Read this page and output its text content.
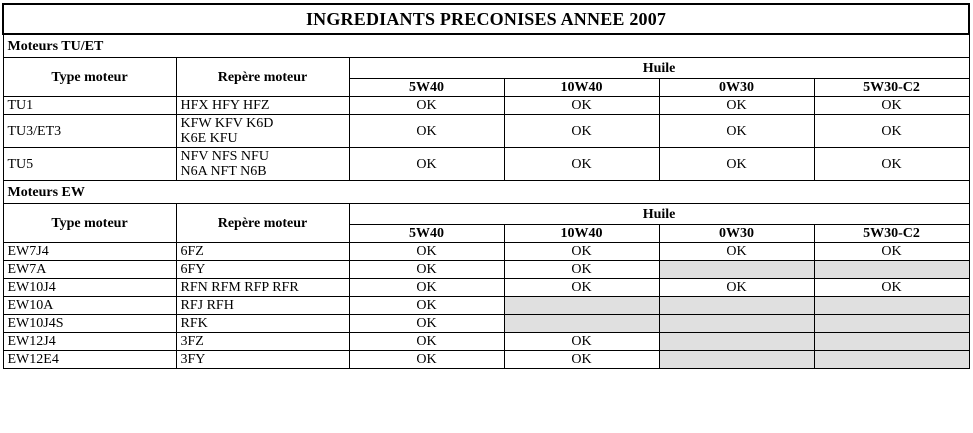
INGREDIANTS PRECONISES ANNEE 2007					
Moteurs TU/ET					
Type moteur	Repère moteur	Huile			
		5W40	10W40	0W30	5W30-C2
TU1	HFX HFY HFZ	OK	OK	OK	OK
TU3/ET3	KFW KFV K6D
K6E KFU	OK	OK	OK	OK
TU5	NFV NFS NFU
N6A NFT N6B	OK	OK	OK	OK
Moteurs EW					
Type moteur	Repère moteur	Huile			
		5W40	10W40	0W30	5W30-C2
EW7J4	6FZ	OK	OK	OK	OK
EW7A	6FY	OK	OK		
EW10J4	RFN RFM RFP RFR	OK	OK	OK	OK
EW10A	RFJ RFH	OK			
EW10J4S	RFK	OK			
EW12J4	3FZ	OK	OK		
EW12E4	3FY	OK	OK		
